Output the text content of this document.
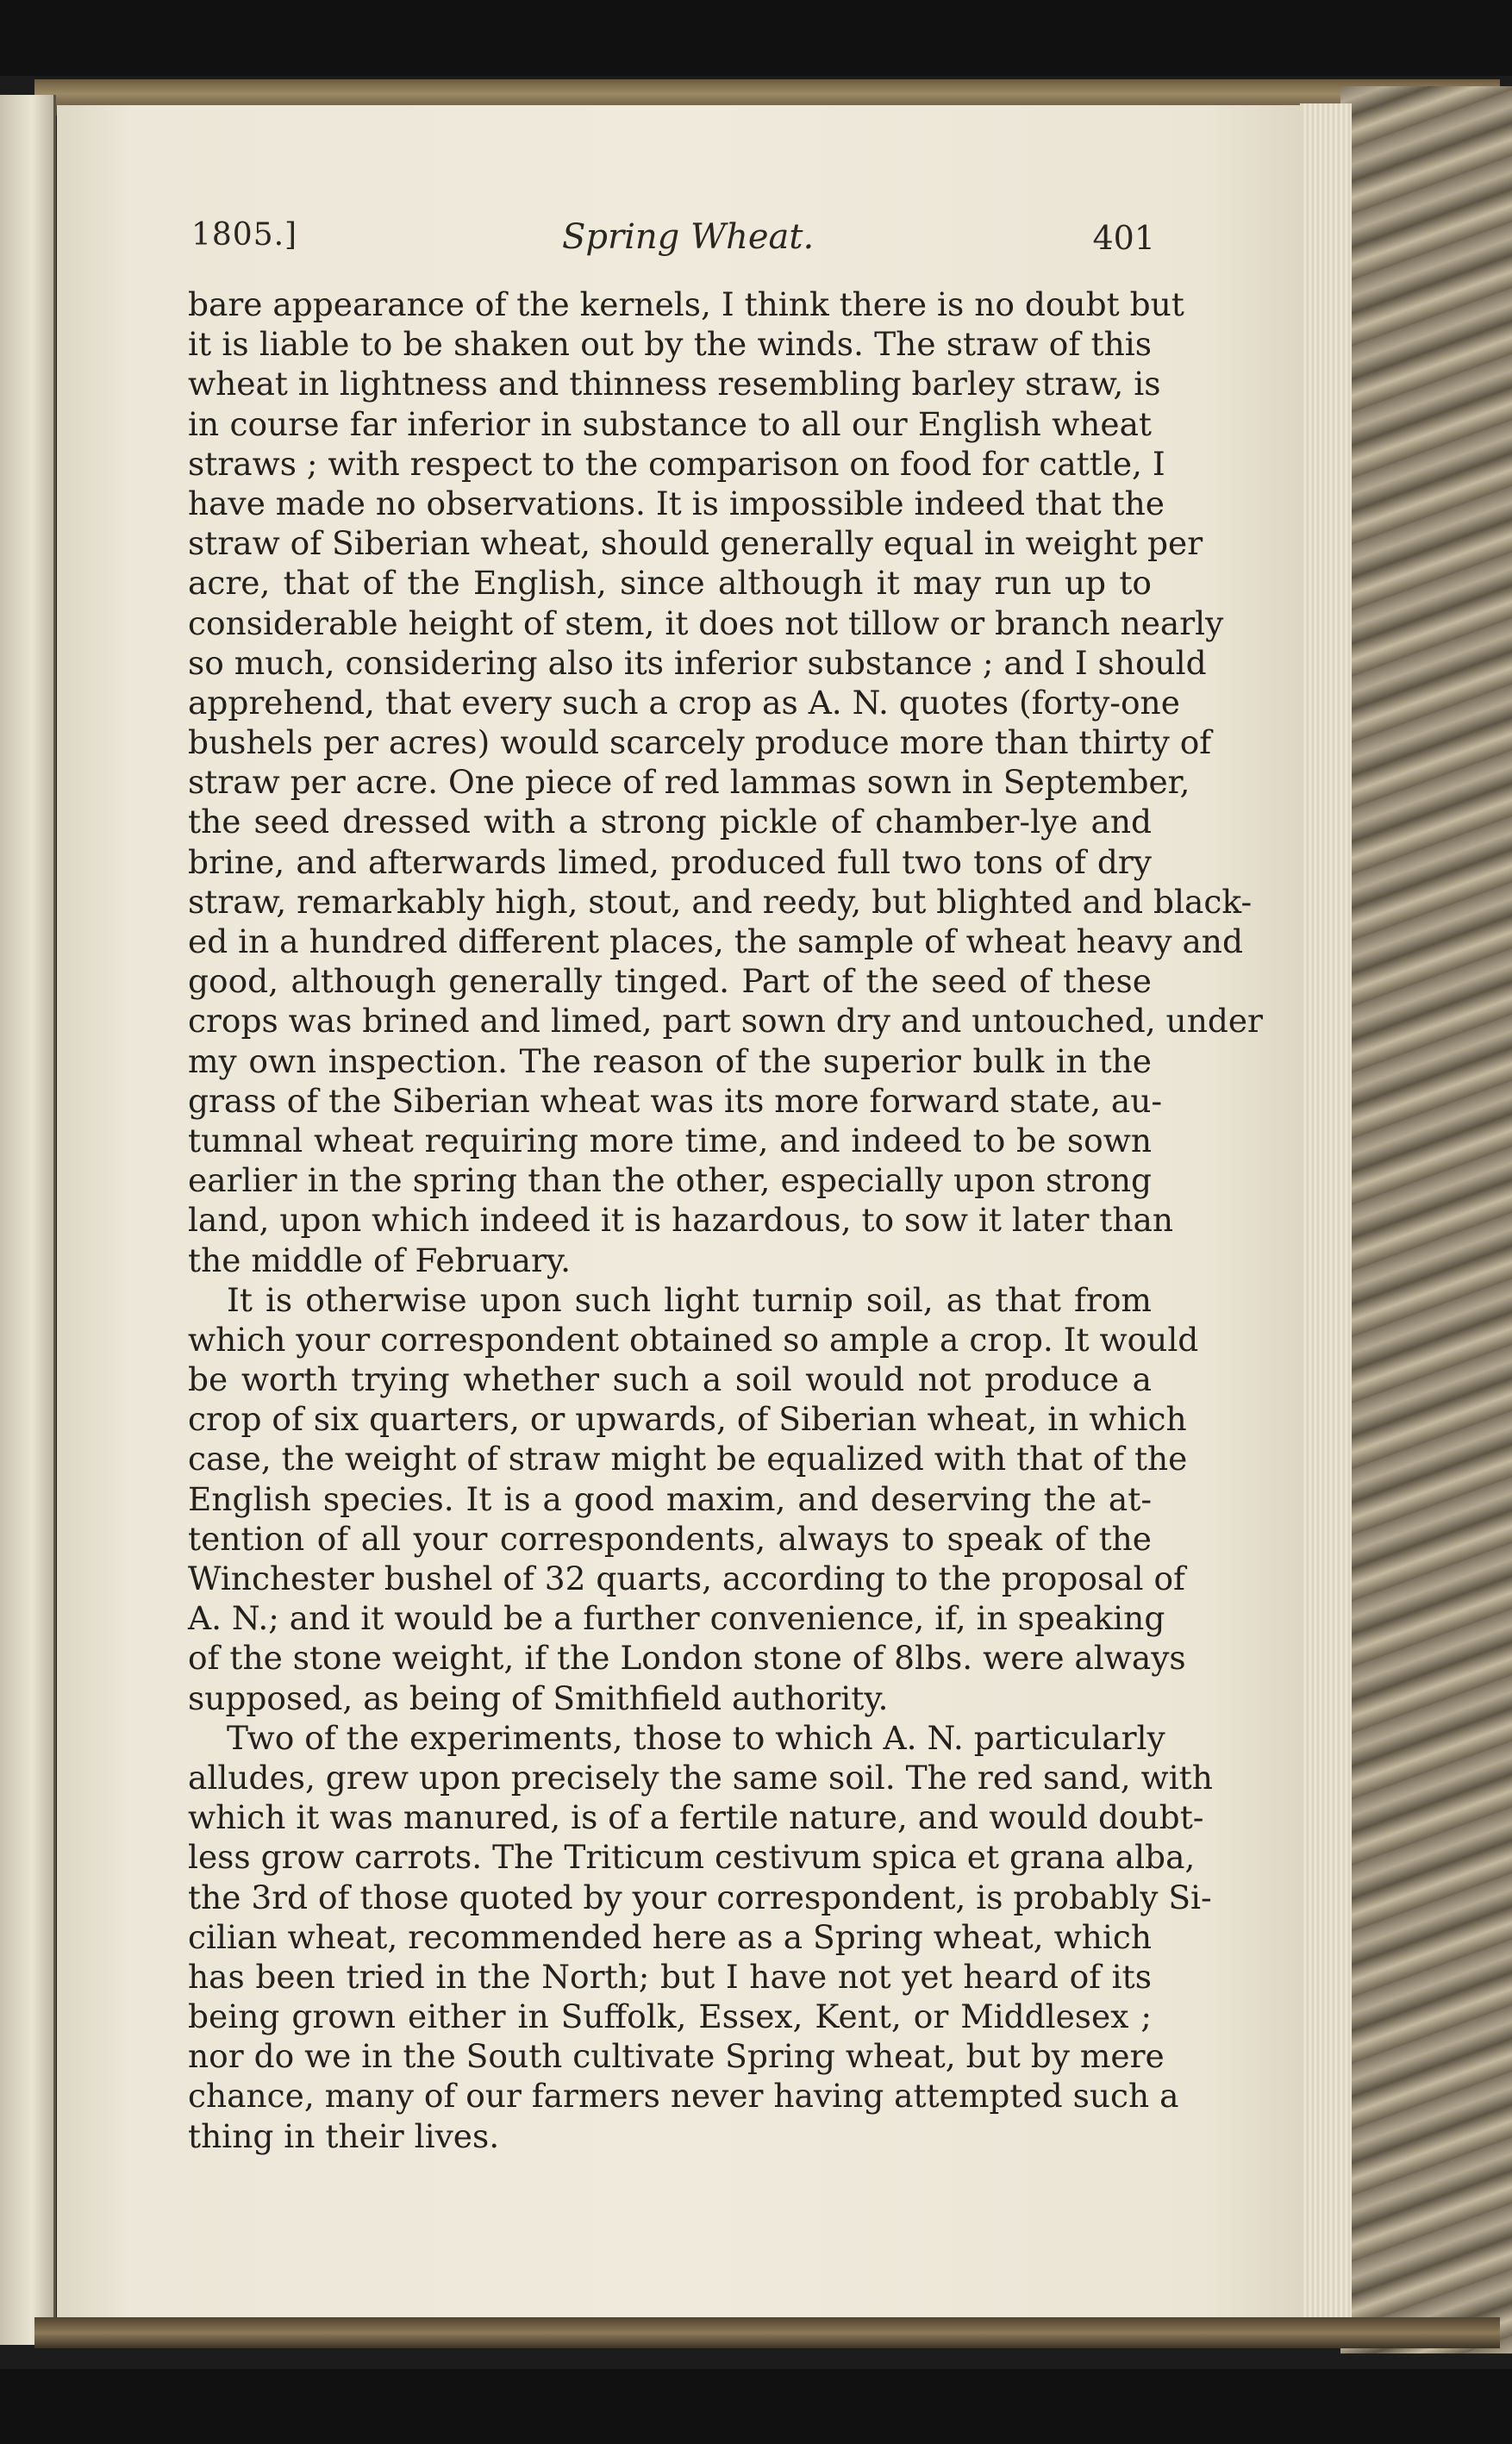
1805.]	Spring Wheat.	401
bare appearance of the kernels, I think there is no doubt but
it is liable to be shaken out by the winds. The straw of this
wheat in lightness and thinness resembling barley straw, is
in course far inferior in substance to all our English wheat
straws ; with respect to the comparison on food for cattle, I
have made no observations. It is impossible indeed that the
straw of Siberian wheat, should generally equal in weight per
acre, that of the English, since although it may run up to
considerable height of stem, it does not tillow or branch nearly
so much, considering also its inferior substance ; and I should
apprehend, that every such a crop as A. N. quotes (forty-one
bushels per acres) would scarcely produce more than thirty of
straw per acre. One piece of red lammas sown in September,
the seed dressed with a strong pickle of chamber-lye and
brine, and afterwards limed, produced full two tons of dry
straw, remarkably high, stout, and reedy, but blighted and black-
ed in a hundred different places, the sample of wheat heavy and
good, although generally tinged. Part of the seed of these
crops was brined and limed, part sown dry and untouched, under
my own inspection. The reason of the superior bulk in the
grass of the Siberian wheat was its more forward state, au-
tumnal wheat requiring more time, and indeed to be sown
earlier in the spring than the other, especially upon strong
land, upon which indeed it is hazardous, to sow it later than
the middle of February.
It is otherwise upon such light turnip soil, as that from
which your correspondent obtained so ample a crop. It would
be worth trying whether such a soil would not produce a
crop of six quarters, or upwards, of Siberian wheat, in which
case, the weight of straw might be equalized with that of the
English species. It is a good maxim, and deserving the at-
tention of all your correspondents, always to speak of the
Winchester bushel of 32 quarts, according to the proposal of
A. N.; and it would be a further convenience, if, in speaking
of the stone weight, if the London stone of 8lbs. were always
supposed, as being of Smithfield authority.
Two of the experiments, those to which A. N. particularly
alludes, grew upon precisely the same soil. The red sand, with
which it was manured, is of a fertile nature, and would doubt-
less grow carrots. The Triticum cestivum spica et grana alba,
the 3rd of those quoted by your correspondent, is probably Si-
cilian wheat, recommended here as a Spring wheat, which
has been tried in the North; but I have not yet heard of its
being grown either in Suffolk, Essex, Kent, or Middlesex ;
nor do we in the South cultivate Spring wheat, but by mere
chance, many of our farmers never having attempted such a
thing in their lives.
